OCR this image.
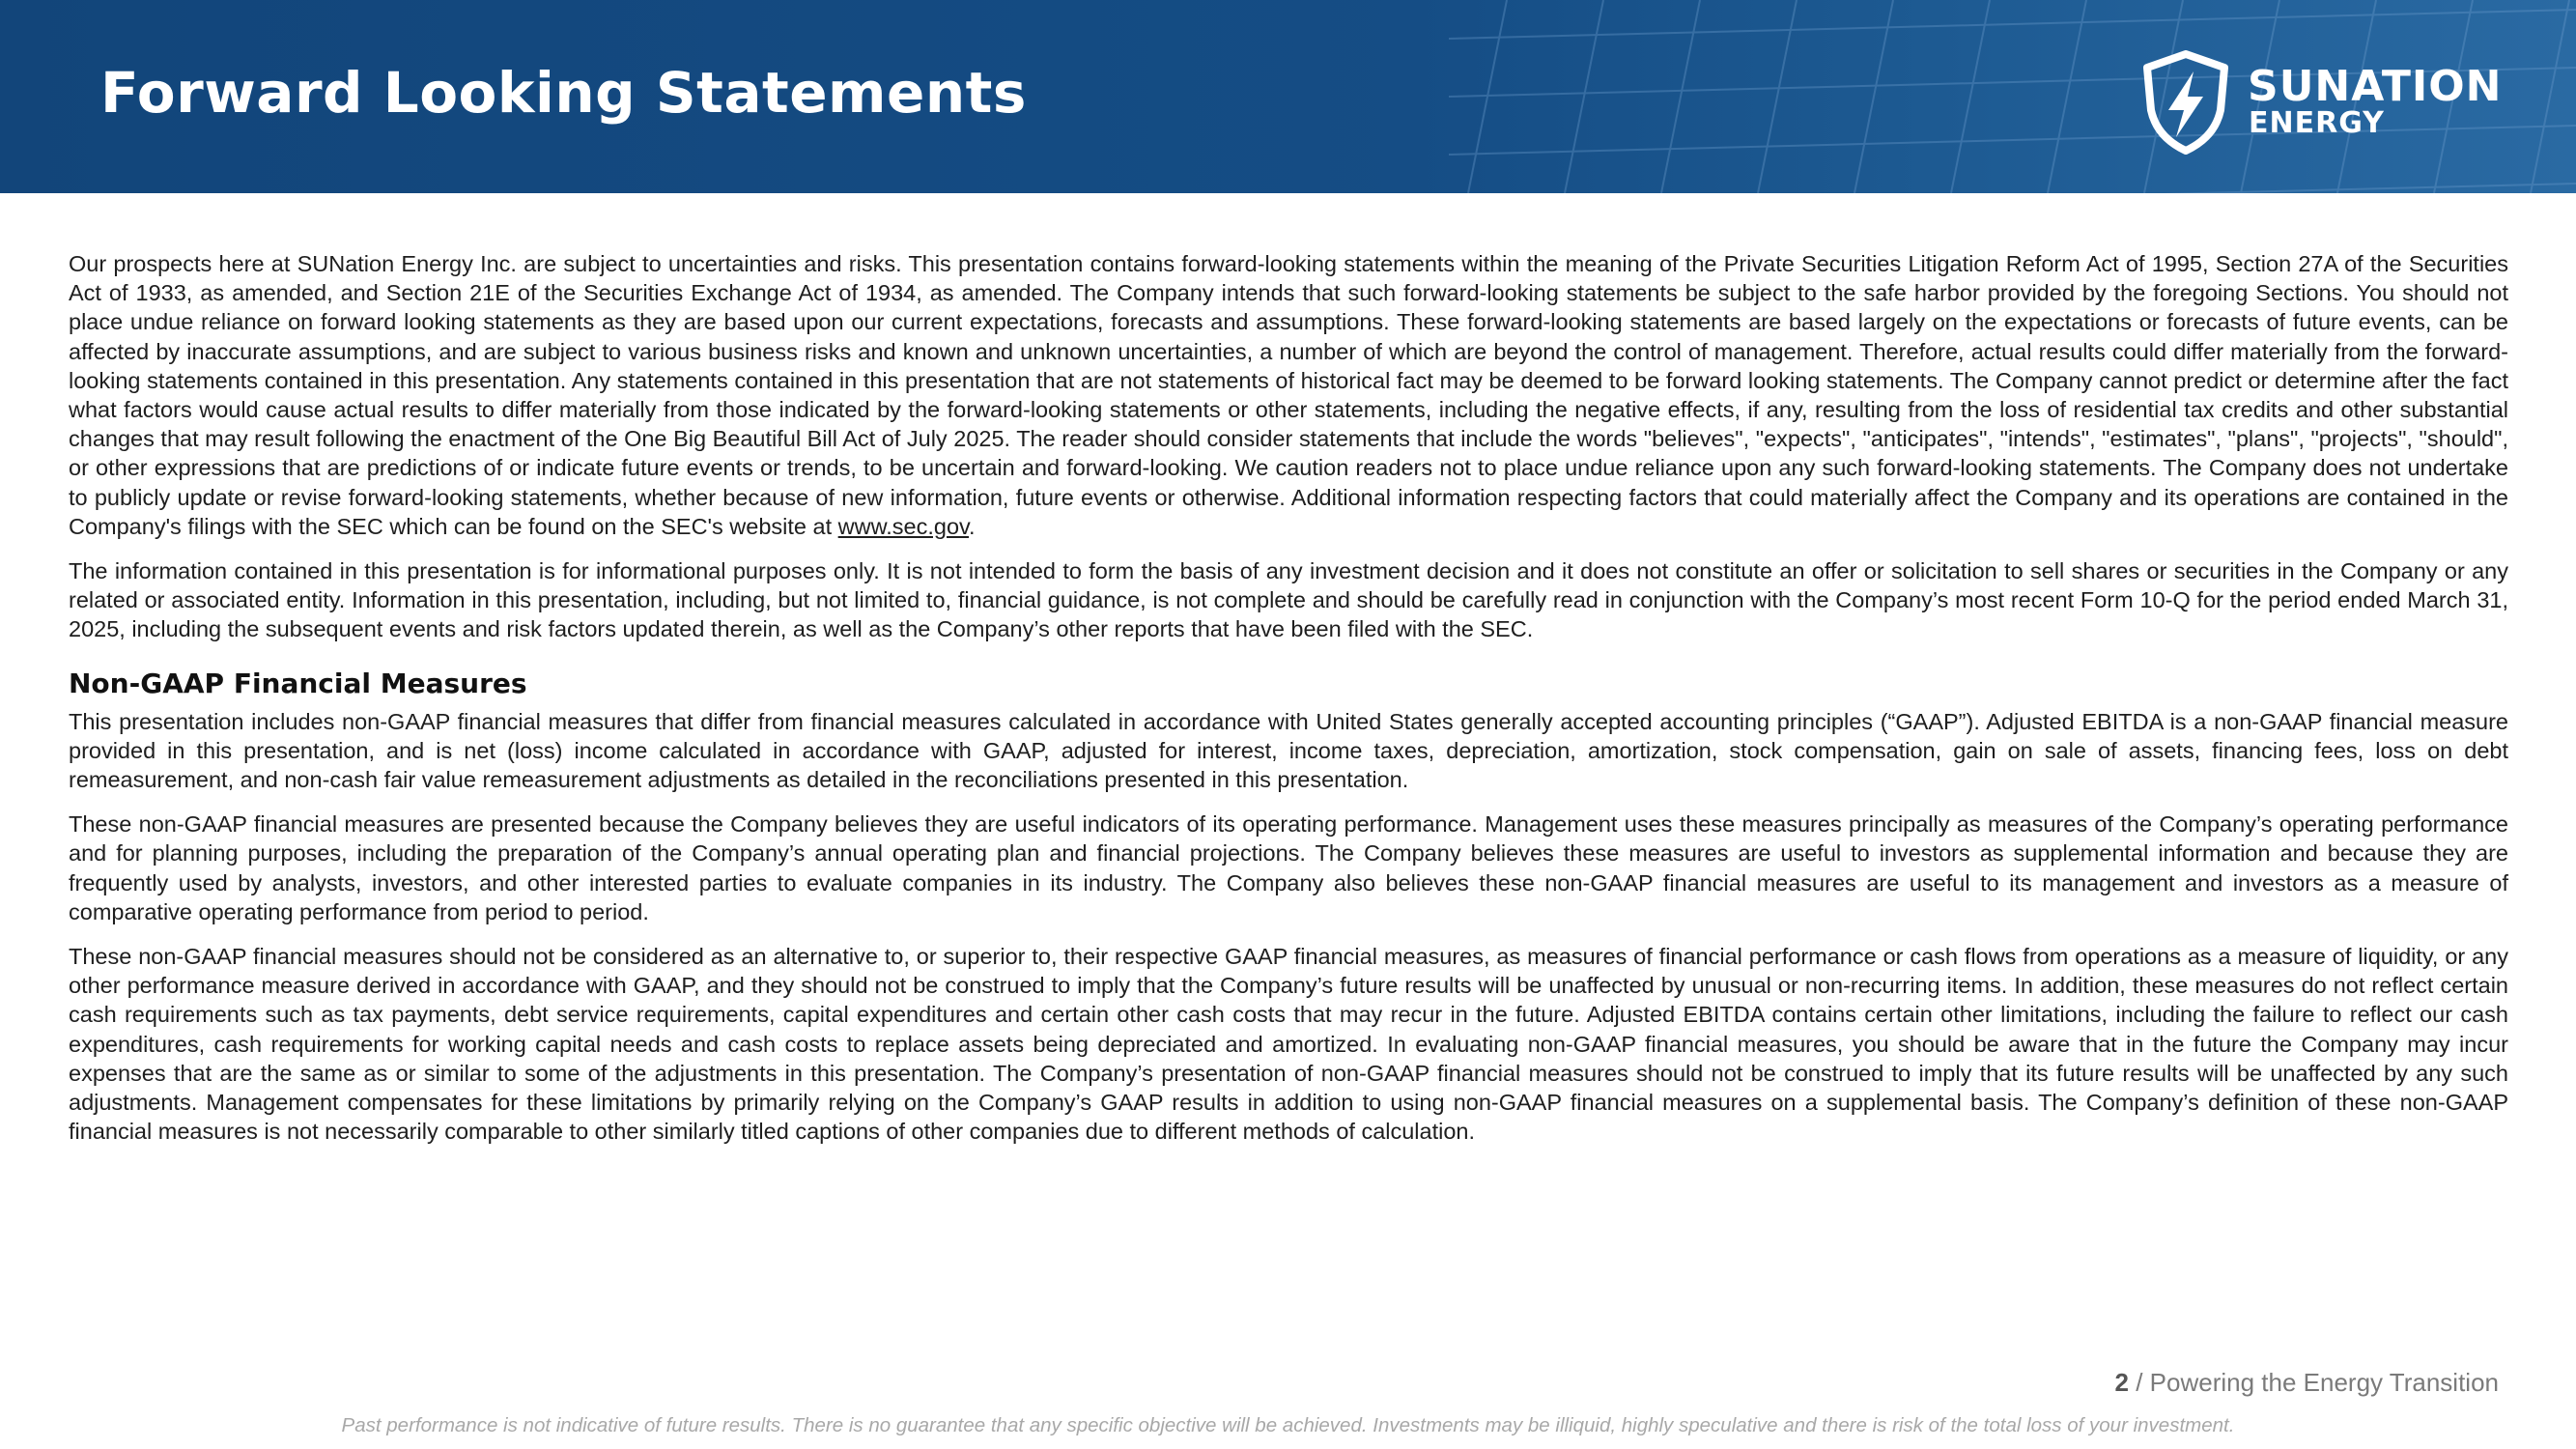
Forward Looking Statements	SUNATION
ENERGY

Our prospects here at SUNation Energy Inc. are subject to uncertainties and risks. This presentation contains forward-looking statements within the meaning of the Private Securities Litigation Reform Act of 1995, Section 27A of the Securities Act of 1933, as amended, and Section 21E of the Securities Exchange Act of 1934, as amended. The Company intends that such forward-looking statements be subject to the safe harbor provided by the foregoing Sections. You should not place undue reliance on forward looking statements as they are based upon our current expectations, forecasts and assumptions. These forward-looking statements are based largely on the expectations or forecasts of future events, can be affected by inaccurate assumptions, and are subject to various business risks and known and unknown uncertainties, a number of which are beyond the control of management. Therefore, actual results could differ materially from the forward-looking statements contained in this presentation. Any statements contained in this presentation that are not statements of historical fact may be deemed to be forward looking statements. The Company cannot predict or determine after the fact what factors would cause actual results to differ materially from those indicated by the forward-looking statements or other statements, including the negative effects, if any, resulting from the loss of residential tax credits and other substantial changes that may result following the enactment of the One Big Beautiful Bill Act of July 2025. The reader should consider statements that include the words "believes", "expects", "anticipates", "intends", "estimates", "plans", "projects", "should", or other expressions that are predictions of or indicate future events or trends, to be uncertain and forward-looking. We caution readers not to place undue reliance upon any such forward-looking statements. The Company does not undertake to publicly update or revise forward-looking statements, whether because of new information, future events or otherwise. Additional information respecting factors that could materially affect the Company and its operations are contained in the Company's filings with the SEC which can be found on the SEC's website at www.sec.gov.

The information contained in this presentation is for informational purposes only. It is not intended to form the basis of any investment decision and it does not constitute an offer or solicitation to sell shares or securities in the Company or any related or associated entity. Information in this presentation, including, but not limited to, financial guidance, is not complete and should be carefully read in conjunction with the Company’s most recent Form 10-Q for the period ended March 31, 2025, including the subsequent events and risk factors updated therein, as well as the Company’s other reports that have been filed with the SEC.

Non-GAAP Financial Measures

This presentation includes non-GAAP financial measures that differ from financial measures calculated in accordance with United States generally accepted accounting principles (“GAAP”). Adjusted EBITDA is a non-GAAP financial measure provided in this presentation, and is net (loss) income calculated in accordance with GAAP, adjusted for interest, income taxes, depreciation, amortization, stock compensation, gain on sale of assets, financing fees, loss on debt remeasurement, and non-cash fair value remeasurement adjustments as detailed in the reconciliations presented in this presentation.

These non-GAAP financial measures are presented because the Company believes they are useful indicators of its operating performance. Management uses these measures principally as measures of the Company’s operating performance and for planning purposes, including the preparation of the Company’s annual operating plan and financial projections. The Company believes these measures are useful to investors as supplemental information and because they are frequently used by analysts, investors, and other interested parties to evaluate companies in its industry. The Company also believes these non-GAAP financial measures are useful to its management and investors as a measure of comparative operating performance from period to period.

These non-GAAP financial measures should not be considered as an alternative to, or superior to, their respective GAAP financial measures, as measures of financial performance or cash flows from operations as a measure of liquidity, or any other performance measure derived in accordance with GAAP, and they should not be construed to imply that the Company’s future results will be unaffected by unusual or non-recurring items. In addition, these measures do not reflect certain cash requirements such as tax payments, debt service requirements, capital expenditures and certain other cash costs that may recur in the future. Adjusted EBITDA contains certain other limitations, including the failure to reflect our cash expenditures, cash requirements for working capital needs and cash costs to replace assets being depreciated and amortized. In evaluating non-GAAP financial measures, you should be aware that in the future the Company may incur expenses that are the same as or similar to some of the adjustments in this presentation. The Company’s presentation of non-GAAP financial measures should not be construed to imply that its future results will be unaffected by any such adjustments. Management compensates for these limitations by primarily relying on the Company’s GAAP results in addition to using non-GAAP financial measures on a supplemental basis. The Company’s definition of these non-GAAP financial measures is not necessarily comparable to other similarly titled captions of other companies due to different methods of calculation.

2 / Powering the Energy Transition
Past performance is not indicative of future results. There is no guarantee that any specific objective will be achieved. Investments may be illiquid, highly speculative and there is risk of the total loss of your investment.
